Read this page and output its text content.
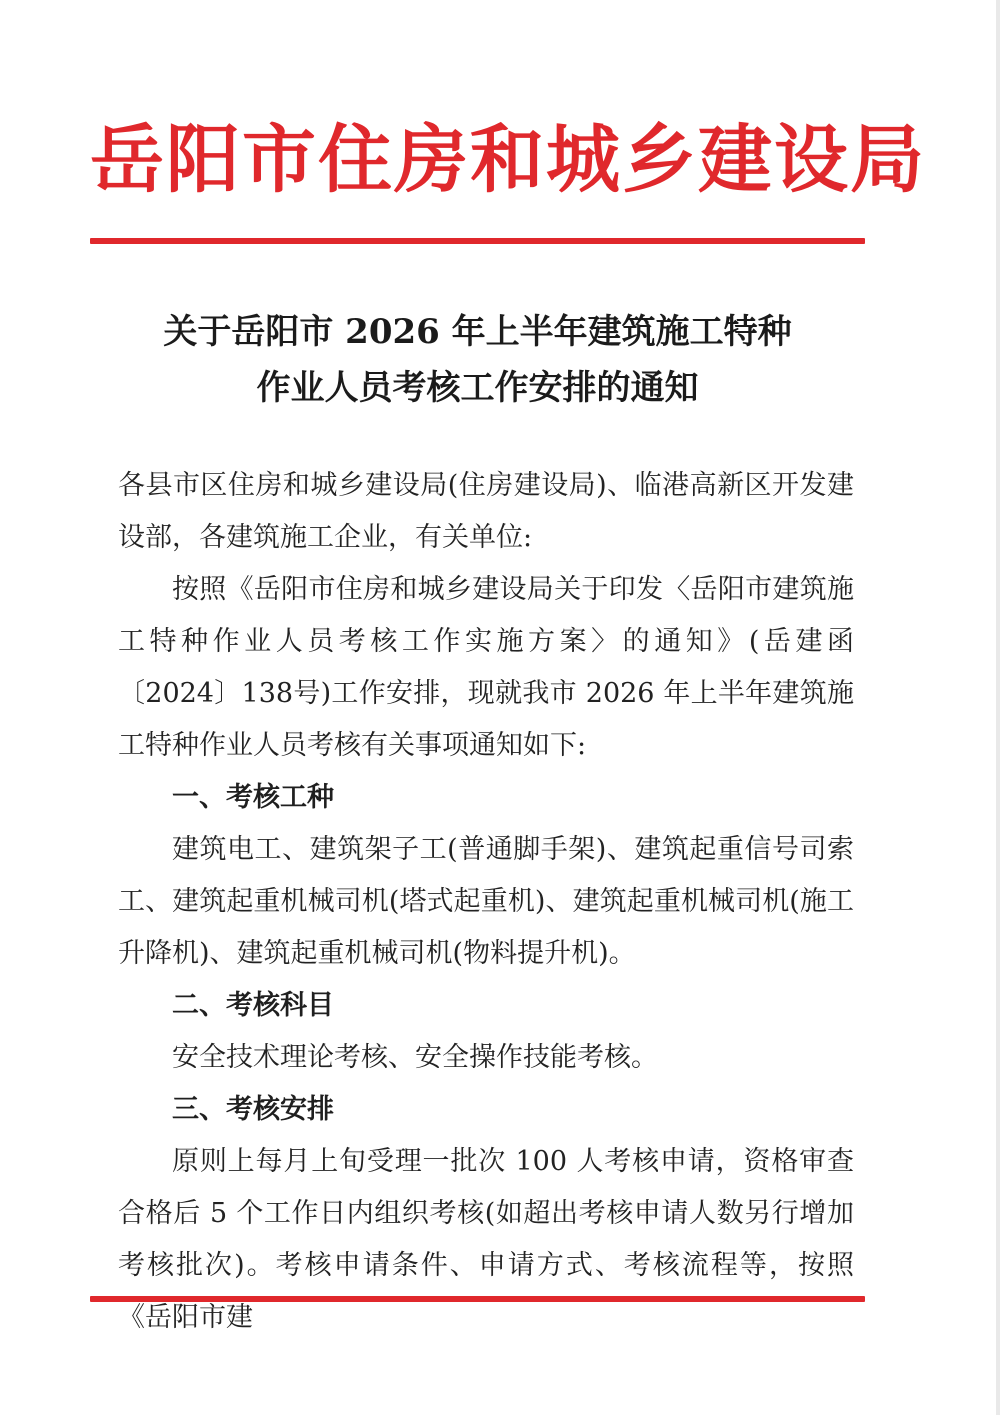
岳阳市住房和城乡建设局
关于岳阳市 2026 年上半年建筑施工特种
作业人员考核工作安排的通知

各县市区住房和城乡建设局(住房建设局)、临港高新区开发建设部，各建筑施工企业，有关单位:

按照《岳阳市住房和城乡建设局关于印发〈岳阳市建筑施工特种作业人员考核工作实施方案〉的通知》(岳建函〔2024〕138号)工作安排，现就我市 2026 年上半年建筑施工特种作业人员考核有关事项通知如下:

一、考核工种

建筑电工、建筑架子工(普通脚手架)、建筑起重信号司索工、建筑起重机械司机(塔式起重机)、建筑起重机械司机(施工升降机)、建筑起重机械司机(物料提升机)。

二、考核科目

安全技术理论考核、安全操作技能考核。

三、考核安排

原则上每月上旬受理一批次 100 人考核申请，资格审查合格后 5 个工作日内组织考核(如超出考核申请人数另行增加考核批次)。考核申请条件、申请方式、考核流程等，按照《岳阳市建
